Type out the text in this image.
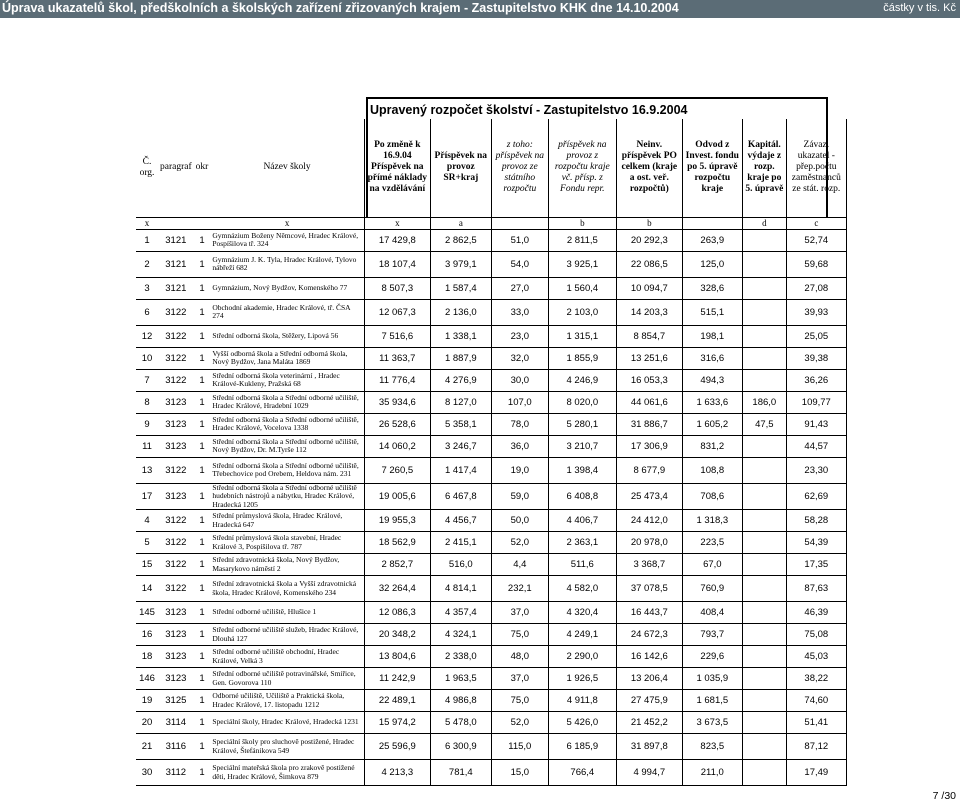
Úprava ukazatelů škol, předškolních a školských zařízení zřizovaných krajem - Zastupitelstvo KHK dne 14.10.2004	částky v tis. Kč
Upravený rozpočet školství - Zastupitelstvo 16.9.2004
Č. org.	paragraf	okr	Název školy	Po změně k 16.9.04 Příspěvek na přímé náklady na vzdělávání	Příspěvek na provoz SR+kraj	z toho: příspěvek na provoz ze státního rozpočtu	příspěvek na provoz z rozpočtu kraje vč. přísp. z Fondu repr.	Neinv. příspěvek PO celkem (kraje a ost. veř. rozpočtů)	Odvod z Invest. fondu po 5. úpravě rozpočtu kraje	Kapitál. výdaje z rozp. kraje po 5. úpravě	Závaz. ukazatel - přep.počtu zaměstnanců ze stát. rozp.
x			x	x	a		b	b		d	c
1	3121	1	Gymnázium Boženy Němcové, Hradec Králové, Pospíšilova tř. 324	17 429,8	2 862,5	51,0	2 811,5	20 292,3	263,9		52,74
2	3121	1	Gymnázium J. K. Tyla, Hradec Králové, Tylovo nábřeží 682	18 107,4	3 979,1	54,0	3 925,1	22 086,5	125,0		59,68
3	3121	1	Gymnázium, Nový Bydžov, Komenského 77	8 507,3	1 587,4	27,0	1 560,4	10 094,7	328,6		27,08
6	3122	1	Obchodní akademie, Hradec Králové, tř. ČSA 274	12 067,3	2 136,0	33,0	2 103,0	14 203,3	515,1		39,93
12	3122	1	Střední odborná škola, Stěžery, Lipová 56	7 516,6	1 338,1	23,0	1 315,1	8 854,7	198,1		25,05
10	3122	1	Vyšší odborná škola a Střední odborná škola, Nový Bydžov, Jana Maláta 1869	11 363,7	1 887,9	32,0	1 855,9	13 251,6	316,6		39,38
7	3122	1	Střední odborná škola veterinární , Hradec Králové-Kukleny, Pražská 68	11 776,4	4 276,9	30,0	4 246,9	16 053,3	494,3		36,26
8	3123	1	Střední odborná škola a Střední odborné učiliště, Hradec Králové, Hradební 1029	35 934,6	8 127,0	107,0	8 020,0	44 061,6	1 633,6	186,0	109,77
9	3123	1	Střední odborná škola a Střední odborné učiliště, Hradec Králové, Vocelova 1338	26 528,6	5 358,1	78,0	5 280,1	31 886,7	1 605,2	47,5	91,43
11	3123	1	Střední odborná škola a Střední odborné učiliště, Nový Bydžov, Dr. M.Tyrše 112	14 060,2	3 246,7	36,0	3 210,7	17 306,9	831,2		44,57
13	3122	1	Střední odborná škola a Střední odborné učiliště, Třebechovice pod Orebem, Heldova nám. 231	7 260,5	1 417,4	19,0	1 398,4	8 677,9	108,8		23,30
17	3123	1	Střední odborná škola a Střední odborné učiliště hudebních nástrojů a nábytku, Hradec Králové, Hradecká 1205	19 005,6	6 467,8	59,0	6 408,8	25 473,4	708,6		62,69
4	3122	1	Střední průmyslová škola, Hradec Králové, Hradecká 647	19 955,3	4 456,7	50,0	4 406,7	24 412,0	1 318,3		58,28
5	3122	1	Střední průmyslová škola stavební, Hradec Králové 3, Pospíšilova tř. 787	18 562,9	2 415,1	52,0	2 363,1	20 978,0	223,5		54,39
15	3122	1	Střední zdravotnická škola, Nový Bydžov, Masarykovo náměstí 2	2 852,7	516,0	4,4	511,6	3 368,7	67,0		17,35
14	3122	1	Střední zdravotnická škola a Vyšší zdravotnická škola, Hradec Králové, Komenského 234	32 264,4	4 814,1	232,1	4 582,0	37 078,5	760,9		87,63
145	3123	1	Střední odborné učiliště, Hlušice 1	12 086,3	4 357,4	37,0	4 320,4	16 443,7	408,4		46,39
16	3123	1	Střední odborné učiliště služeb, Hradec Králové, Dlouhá 127	20 348,2	4 324,1	75,0	4 249,1	24 672,3	793,7		75,08
18	3123	1	Střední odborné učiliště obchodní, Hradec Králové, Velká 3	13 804,6	2 338,0	48,0	2 290,0	16 142,6	229,6		45,03
146	3123	1	Střední odborné učiliště potravinářské, Smiřice, Gen. Govorova 110	11 242,9	1 963,5	37,0	1 926,5	13 206,4	1 035,9		38,22
19	3125	1	Odborné učiliště, Učiliště a Praktická škola, Hradec Králové, 17. listopadu 1212	22 489,1	4 986,8	75,0	4 911,8	27 475,9	1 681,5		74,60
20	3114	1	Speciální školy, Hradec Králové, Hradecká 1231	15 974,2	5 478,0	52,0	5 426,0	21 452,2	3 673,5		51,41
21	3116	1	Speciální školy pro sluchově postižené, Hradec Králové, Štefánikova 549	25 596,9	6 300,9	115,0	6 185,9	31 897,8	823,5		87,12
30	3112	1	Speciální mateřská škola pro zrakově postižené děti, Hradec Králové, Šimkova 879	4 213,3	781,4	15,0	766,4	4 994,7	211,0		17,49
7 /30
